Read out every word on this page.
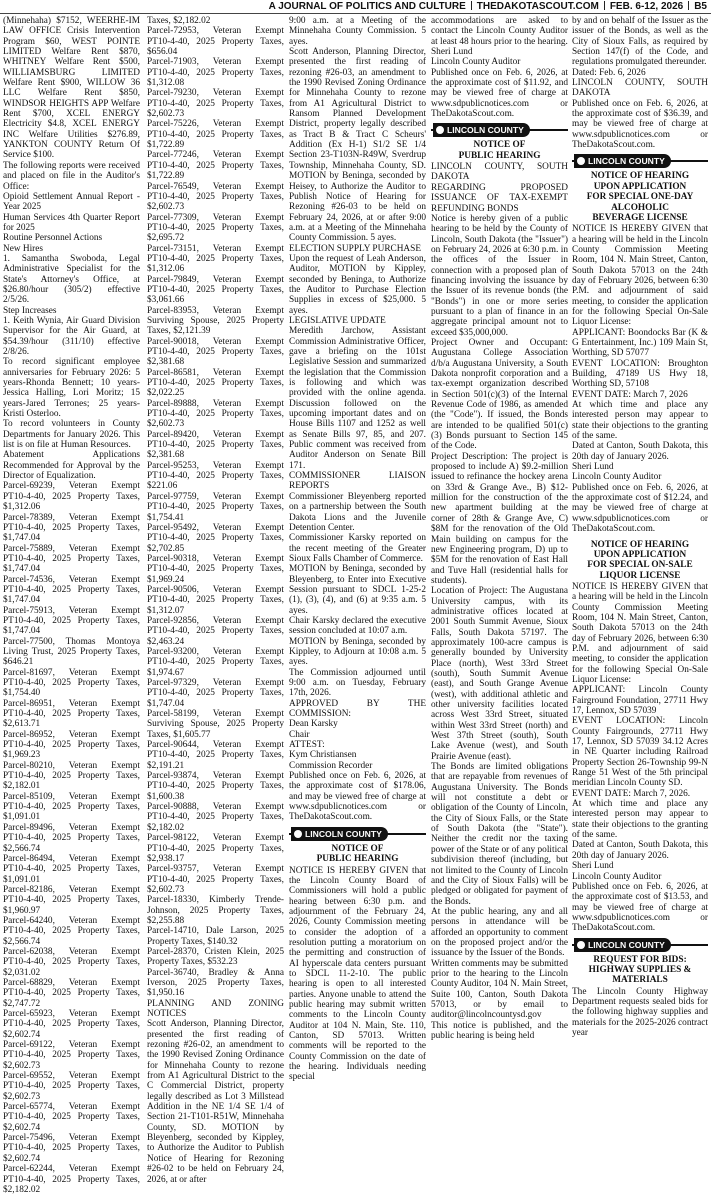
A JOURNAL OF POLITICS AND CULTURE THEDAKOTASCOUT.COM FEB. 6-12, 2026 B5

(Minnehaha) $7152, WEERHE-IM LAW OFFICE Crisis Intervention Program $60, WEST POINTE LIMITED Welfare Rent $870, WHITNEY Welfare Rent $500, WILLIAMSBURG LIMITED Welfare Rent $900, WILLOW 36 LLC Welfare Rent $850, WINDSOR HEIGHTS APP Welfare Rent $700, XCEL ENERGY Electricity $4.8, XCEL ENERGY INC Welfare Utilities $276.89, YANKTON COUNTY Return Of Service $100.

The following reports were received and placed on file in the Auditor's Office:

Opioid Settlement Annual Report - Year 2025

Human Services 4th Quarter Report for 2025

Routine Personnel Actions

New Hires

1. Samantha Swoboda, Legal Administrative Specialist for the State's Attorney's Office, at $26.80/hour (305/2) effective 2/5/26.

Step Increases

1. Keith Wynia, Air Guard Division Supervisor for the Air Guard, at $54.39/hour (311/10) effective 2/8/26.

To record significant employee anniversaries for February 2026: 5 years-Rhonda Bennett; 10 years-Jessica Halling, Lori Moritz; 15 years-Jared Terrones; 25 years-Kristi Osterloo.

To record volunteers in County Departments for January 2026. This list is on file at Human Resources.

Abatement Applications Recommended for Approval by the Director of Equalization.

Parcel-69239, Veteran Exempt PT10-4-40, 2025 Property Taxes, $1,312.06

Parcel-78389, Veteran Exempt PT10-4-40, 2025 Property Taxes, $1,747.04

Parcel-75889, Veteran Exempt PT10-4-40, 2025 Property Taxes, $1,747.04

Parcel-74536, Veteran Exempt PT10-4-40, 2025 Property Taxes, $1,747.04

Parcel-75913, Veteran Exempt PT10-4-40, 2025 Property Taxes, $1,747.04

Parcel-77500, Thomas Montoya Living Trust, 2025 Property Taxes, $646.21

Parcel-81697, Veteran Exempt PT10-4-40, 2025 Property Taxes, $1,754.40

Parcel-86951, Veteran Exempt PT10-4-40, 2025 Property Taxes, $2,613.71

Parcel-86952, Veteran Exempt PT10-4-40, 2025 Property Taxes, $1,969.23

Parcel-80210, Veteran Exempt PT10-4-40, 2025 Property Taxes, $2,182.01

Parcel-85109, Veteran Exempt PT10-4-40, 2025 Property Taxes, $1,091.01

Parcel-89496, Veteran Exempt PT10-4-40, 2025 Property Taxes, $2,566.74

Parcel-86494, Veteran Exempt PT10-4-40, 2025 Property Taxes, $1,091.01

Parcel-82186, Veteran Exempt PT10-4-40, 2025 Property Taxes, $1,960.97

Parcel-64240, Veteran Exempt PT10-4-40, 2025 Property Taxes, $2,566.74

Parcel-62038, Veteran Exempt PT10-4-40, 2025 Property Taxes, $2,031.02

Parcel-68829, Veteran Exempt PT10-4-40, 2025 Property Taxes, $2,747.72

Parcel-65923, Veteran Exempt PT10-4-40, 2025 Property Taxes, $2,602.74

Parcel-69122, Veteran Exempt PT10-4-40, 2025 Property Taxes, $2,602.73

Parcel-69552, Veteran Exempt PT10-4-40, 2025 Property Taxes, $2,602.73

Parcel-65774, Veteran Exempt PT10-4-40, 2025 Property Taxes, $2,602.74

Parcel-75496, Veteran Exempt PT10-4-40, 2025 Property Taxes, $2,602.74

Parcel-62244, Veteran Exempt PT10-4-40, 2025 Property Taxes, $2,182.02

Taxes, $2,182.02

Parcel-72953, Veteran Exempt PT10-4-40, 2025 Property Taxes, $656.04

Parcel-71903, Veteran Exempt PT10-4-40, 2025 Property Taxes, $1,312.08

Parcel-79230, Veteran Exempt PT10-4-40, 2025 Property Taxes, $2,602.73

Parcel-75226, Veteran Exempt PT10-4-40, 2025 Property Taxes, $1,722.89

Parcel-77246, Veteran Exempt PT10-4-40, 2025 Property Taxes, $1,722.89

Parcel-76549, Veteran Exempt PT10-4-40, 2025 Property Taxes, $2,602.73

Parcel-77309, Veteran Exempt PT10-4-40, 2025 Property Taxes, $2,695.72

Parcel-73151, Veteran Exempt PT10-4-40, 2025 Property Taxes, $1,312.06

Parcel-79849, Veteran Exempt PT10-4-40, 2025 Property Taxes, $3,061.66

Parcel-83953, Veteran Exempt Surviving Spouse, 2025 Property Taxes, $2,121.39

Parcel-90018, Veteran Exempt PT10-4-40, 2025 Property Taxes, $2,381.68

Parcel-86581, Veteran Exempt PT10-4-40, 2025 Property Taxes, $2,022.25

Parcel-89888, Veteran Exempt PT10-4-40, 2025 Property Taxes, $2,602.73

Parcel-89420, Veteran Exempt PT10-4-40, 2025 Property Taxes, $2,381.68

Parcel-95253, Veteran Exempt PT10-4-40, 2025 Property Taxes, $221.06

Parcel-97759, Veteran Exempt PT10-4-40, 2025 Property Taxes, $1,754.41

Parcel-95492, Veteran Exempt PT10-4-40, 2025 Property Taxes, $2,702.85

Parcel-90318, Veteran Exempt PT10-4-40, 2025 Property Taxes, $1,969.24

Parcel-90506, Veteran Exempt PT10-4-40, 2025 Property Taxes, $1,312.07

Parcel-92856, Veteran Exempt PT10-4-40, 2025 Property Taxes, $2,463.24

Parcel-93200, Veteran Exempt PT10-4-40, 2025 Property Taxes, $1,974.67

Parcel-97329, Veteran Exempt PT10-4-40, 2025 Property Taxes, $1,747.04

Parcel-58199, Veteran Exempt Surviving Spouse, 2025 Property Taxes, $1,605.77

Parcel-90644, Veteran Exempt PT10-4-40, 2025 Property Taxes, $2,191.21

Parcel-93874, Veteran Exempt PT10-4-40, 2025 Property Taxes, $1,600.38

Parcel-90888, Veteran Exempt PT10-4-40, 2025 Property Taxes, $2,182.02

Parcel-98122, Veteran Exempt PT10-4-40, 2025 Property Taxes, $2,938.17

Parcel-93757, Veteran Exempt PT10-4-40, 2025 Property Taxes, $2,602.73

Parcel-18330, Kimberly Trende-Johnson, 2025 Property Taxes, $2,255.88

Parcel-14710, Dale Larson, 2025 Property Taxes, $140.32

Parcel-28370, Cristen Klein, 2025 Property Taxes, $532.23

Parcel-36740, Bradley & Anna Iverson, 2025 Property Taxes, $1,950.16

PLANNING AND ZONING NOTICES

Scott Anderson, Planning Director, presented the first reading of rezoning #26-02, an amendment to the 1990 Revised Zoning Ordinance for Minnehaha County to rezone from A1 Agricultural District to the C Commercial District, property legally described as Lot 3 Millstead Addition in the NE 1/4 SE 1/4 of Section 21-T101-R51W, Minnehaha County, SD. MOTION by Bleyenberg, seconded by Kippley, to Authorize the Auditor to Publish Notice of Hearing for Rezoning #26-02 to be held on February 24, 2026, at or after

9:00 a.m. at a Meeting of the Minnehaha County Commission. 5 ayes.

Scott Anderson, Planning Director, presented the first reading of rezoning #26-03, an amendment to the 1990 Revised Zoning Ordinance for Minnehaha County to rezone from A1 Agricultural District to Ransom Planned Development District, property legally described as Tract B & Tract C Scheurs' Addition (Ex H-1) S1/2 SE 1/4 Section 23-T103N-R49W, Sverdrup Township, Minnehaha County, SD. MOTION by Beninga, seconded by Heisey, to Authorize the Auditor to Publish Notice of Hearing for Rezoning #26-03 to be held on February 24, 2026, at or after 9:00 a.m. at a Meeting of the Minnehaha County Commission. 5 ayes.

ELECTION SUPPLY PURCHASE

Upon the request of Leah Anderson, Auditor, MOTION by Kippley, seconded by Beninga, to Authorize the Auditor to Purchase Election Supplies in excess of $25,000. 5 ayes.

LEGISLATIVE UPDATE

Meredith Jarchow, Assistant Commission Administrative Officer, gave a briefing on the 101st Legislative Session and summarized the legislation that the Commission is following and which was provided with the online agenda. Discussion followed on the upcoming important dates and on House Bills 1107 and 1252 as well as Senate Bills 97, 85, and 207. Public comment was received from Auditor Anderson on Senate Bill 171.

COMMISSIONER LIAISON REPORTS

Commissioner Bleyenberg reported on a partnership between the South Dakota Lions and the Juvenile Detention Center.

Commissioner Karsky reported on the recent meeting of the Greater Sioux Falls Chamber of Commerce.

MOTION by Beninga, seconded by Bleyenberg, to Enter into Executive Session pursuant to SDCL 1-25-2 (1), (3), (4), and (6) at 9:35 a.m. 5 ayes.

Chair Karsky declared the executive session concluded at 10:07 a.m.

MOTION by Beninga, seconded by Kippley, to Adjourn at 10:08 a.m. 5 ayes.

The Commission adjourned until 9:00 a.m. on Tuesday, February 17th, 2026.

APPROVED BY THE COMMISSION:

Dean Karsky

Chair

ATTEST:

Kym Christiansen

Commission Recorder

Published once on Feb. 6, 2026, at the approximate cost of $178.06, and may be viewed free of charge at www.sdpublicnotices.com or TheDakotaScout.com.

LINCOLN COUNTY
NOTICE OF
PUBLIC HEARING

NOTICE IS HEREBY GIVEN that the Lincoln County Board of Commissioners will hold a public hearing between 6:30 p.m. and adjournment of the February 24, 2026, County Commission meeting to consider the adoption of a resolution putting a moratorium on the permitting and construction of AI hyperscale data centers pursuant to SDCL 11-2-10. The public hearing is open to all interested parties. Anyone unable to attend the public hearing may submit written comments to the Lincoln County Auditor at 104 N. Main, Ste. 110, Canton, SD 57013. Written comments will be reported to the County Commission on the date of the hearing. Individuals needing special

accommodations are asked to contact the Lincoln County Auditor at least 48 hours prior to the hearing.

Sheri Lund

Lincoln County Auditor

Published once on Feb. 6, 2026, at the approximate cost of $11.92, and may be viewed free of charge at www.sdpublicnotices.com or TheDakotaScout.com.

LINCOLN COUNTY
NOTICE OF
PUBLIC HEARING

LINCOLN COUNTY, SOUTH DAKOTA

REGARDING PROPOSED ISSUANCE OF TAX-EXEMPT REFUNDING BONDS

Notice is hereby given of a public hearing to be held by the County of Lincoln, South Dakota (the "Issuer") on February 24, 2026 at 6:30 p.m. in the offices of the Issuer in connection with a proposed plan of financing involving the issuance by the Issuer of its revenue bonds (the "Bonds") in one or more series pursuant to a plan of finance in an aggregate principal amount not to exceed $35,000,000.

Project Owner and Occupant: Augustana College Association d/b/a Augustana University, a South Dakota nonprofit corporation and a tax-exempt organization described in Section 501(c)(3) of the Internal Revenue Code of 1986, as amended (the "Code"). If issued, the Bonds are intended to be qualified 501(c)(3) Bonds pursuant to Section 145 of the Code.

Project Description: The project is proposed to include A) $9.2-million issued to refinance the hockey arena on 33rd & Grange Ave., B) $12-million for the construction of the new apartment building at the corner of 28th & Grange Ave, C) $8M for the renovation of the Old Main building on campus for the new Engineering program, D) up to $5M for the renovation of East Hall and Tuve Hall (residential halls for students).

Location of Project: The Augustana University campus, with its administrative offices located at 2001 South Summit Avenue, Sioux Falls, South Dakota 57197. The approximately 100-acre campus is generally bounded by University Place (north), West 33rd Street (south), South Summit Avenue (east), and South Grange Avenue (west), with additional athletic and other university facilities located across West 33rd Street, situated within West 33rd Street (north) and West 37th Street (south), South Lake Avenue (west), and South Prairie Avenue (east).

The Bonds are limited obligations that are repayable from revenues of Augustana University. The Bonds will not constitute a debt or obligation of the County of Lincoln, the City of Sioux Falls, or the State of South Dakota (the "State"). Neither the credit nor the taxing power of the State or of any political subdivision thereof (including, but not limited to the County of Lincoln and the City of Sioux Falls) will be pledged or obligated for payment of the Bonds.

At the public hearing, any and all persons in attendance will be afforded an opportunity to comment on the proposed project and/or the issuance by the Issuer of the Bonds.

Written comments may be submitted prior to the hearing to the Lincoln County Auditor, 104 N. Main Street, Suite 100, Canton, South Dakota 57013, or by email to auditor@lincolncountysd.gov

This notice is published, and the public hearing is being held

by and on behalf of the Issuer as the issuer of the Bonds, as well as the City of Sioux Falls, as required by Section 147(f) of the Code, and regulations promulgated thereunder.

Dated: Feb. 6, 2026

LINCOLN COUNTY, SOUTH DAKOTA

Published once on Feb. 6, 2026, at the approximate cost of $36.39, and may be viewed free of charge at www.sdpublicnotices.com or TheDakotaScout.com.

LINCOLN COUNTY
NOTICE OF HEARING
UPON APPLICATION
FOR SPECIAL ONE-DAY
ALCOHOLIC
BEVERAGE LICENSE

NOTICE IS HEREBY GIVEN that a hearing will be held in the Lincoln County Commission Meeting Room, 104 N. Main Street, Canton, South Dakota 57013 on the 24th day of February 2026, between 6:30 P.M. and adjournment of said meeting, to consider the application for the following Special On-Sale Liquor License:

APPLICANT: Boondocks Bar (K & G Entertainment, Inc.) 109 Main St, Worthing, SD 57077

EVENT LOCATION: Broughton Building, 47189 US Hwy 18, Worthing SD, 57108

EVENT DATE: March 7, 2026

At which time and place any interested person may appear to state their objections to the granting of the same.

Dated at Canton, South Dakota, this 20th day of January 2026.

Sheri Lund

Lincoln County Auditor

Published once on Feb. 6, 2026, at the approximate cost of $12.24, and may be viewed free of charge at www.sdpublicnotices.com or TheDakotaScout.com.

NOTICE OF HEARING
UPON APPLICATION
FOR SPECIAL ON-SALE
LIQUOR LICENSE

NOTICE IS HEREBY GIVEN that a hearing will be held in the Lincoln County Commission Meeting Room, 104 N. Main Street, Canton, South Dakota 57013 on the 24th day of February 2026, between 6:30 P.M. and adjournment of said meeting, to consider the application for the following Special On-Sale Liquor License:

APPLICANT: Lincoln County Fairground Foundation, 27711 Hwy 17, Lennox, SD 57039

EVENT LOCATION: Lincoln County Fairgrounds, 27711 Hwy 17, Lennox, SD 57039 34.12 Acres in NE Quarter including Railroad Property Section 26-Township 99-N Range 51 West of the 5th principal meridian Lincoln County SD.

EVENT DATE: March 7, 2026.

At which time and place any interested person may appear to state their objections to the granting of the same.

Dated at Canton, South Dakota, this 20th day of January 2026.

Sheri Lund

Lincoln County Auditor

Published once on Feb. 6, 2026, at the approximate cost of $13.53, and may be viewed free of charge at www.sdpublicnotices.com or TheDakotaScout.com.

LINCOLN COUNTY
REQUEST FOR BIDS:
HIGHWAY SUPPLIES &
MATERIALS

The Lincoln County Highway Department requests sealed bids for the following highway supplies and materials for the 2025-2026 contract year
